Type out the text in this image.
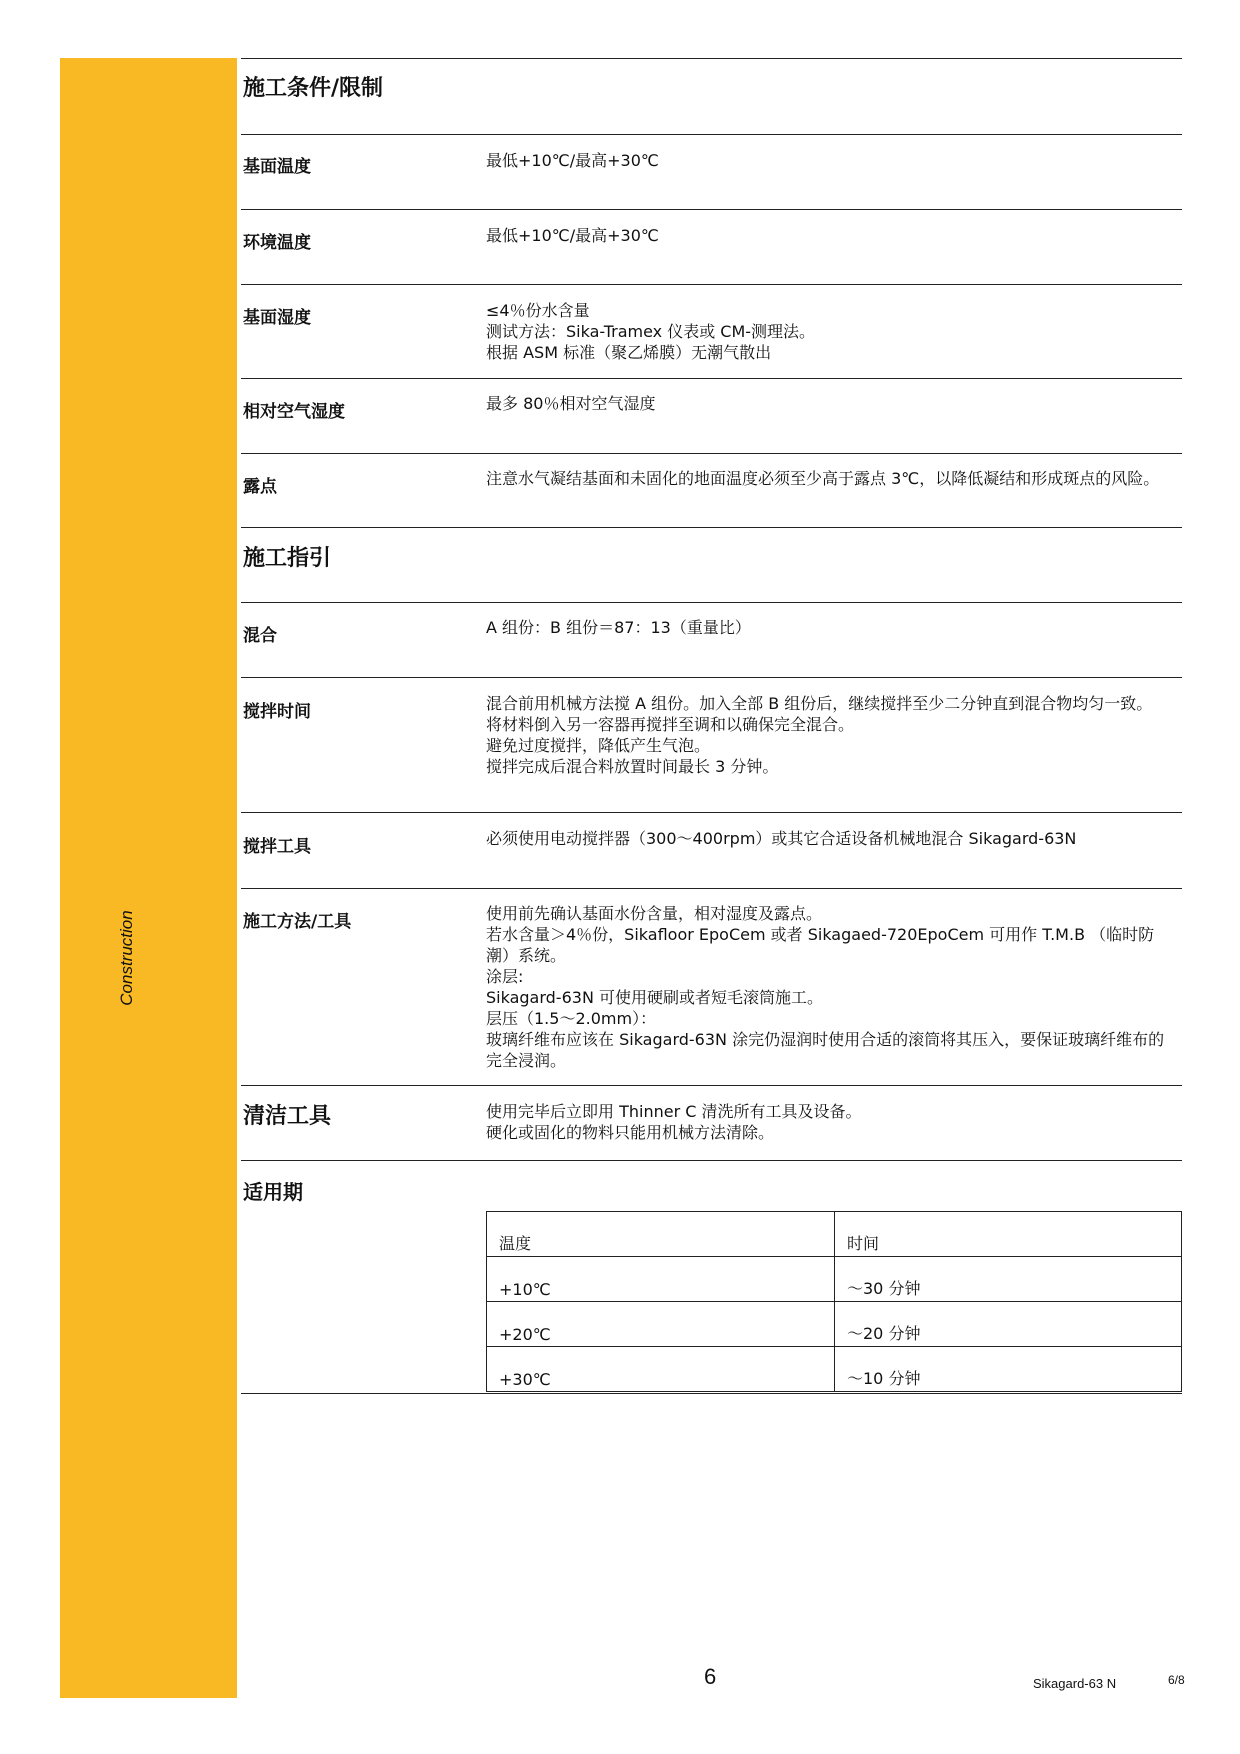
Construction
施工条件/限制
基面温度	最低+10℃/最高+30℃
环境温度	最低+10℃/最高+30℃
基面湿度	≤4％份水含量
测试方法：Sika-Tramex 仪表或 CM-测理法。
根据 ASM 标准（聚乙烯膜）无潮气散出
相对空气湿度	最多 80％相对空气湿度
露点	注意水气凝结基面和未固化的地面温度必须至少高于露点 3℃，以降低凝结和形成斑点的风险。
施工指引
混合	A 组份：B 组份＝87：13（重量比）
搅拌时间	混合前用机械方法搅 A 组份。加入全部 B 组份后，继续搅拌至少二分钟直到混合物均匀一致。
将材料倒入另一容器再搅拌至调和以确保完全混合。
避免过度搅拌，降低产生气泡。
搅拌完成后混合料放置时间最长 3 分钟。
搅拌工具	必须使用电动搅拌器（300～400rpm）或其它合适设备机械地混合 Sikagard-63N
施工方法/工具	使用前先确认基面水份含量，相对湿度及露点。
若水含量＞4％份，Sikafloor EpoCem 或者 Sikagaed-720EpoCem 可用作 T.M.B （临时防潮）系统。
涂层:
Sikagard-63N 可使用硬刷或者短毛滚筒施工。
层压（1.5～2.0mm）：
玻璃纤维布应该在 Sikagard-63N 涂完仍湿润时使用合适的滚筒将其压入，要保证玻璃纤维布的完全浸润。
清洁工具	使用完毕后立即用 Thinner C 清洗所有工具及设备。
硬化或固化的物料只能用机械方法清除。
适用期
温度	时间
+10℃	～30 分钟
+20℃	～20 分钟
+30℃	～10 分钟
6	Sikagard-63 N	6/8
